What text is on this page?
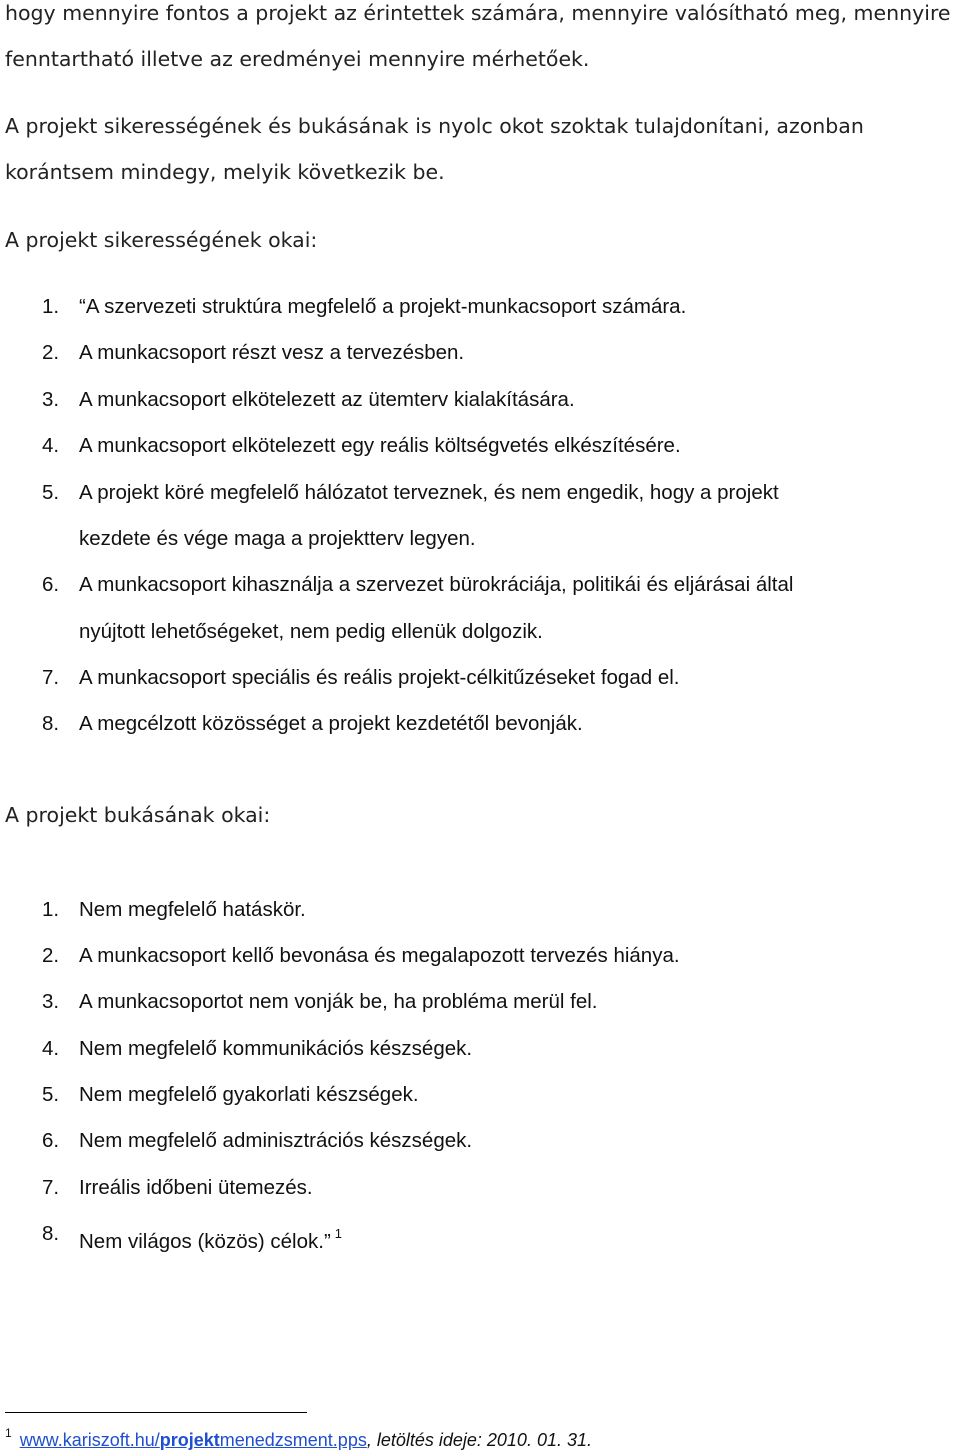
hogy mennyire fontos a projekt az érintettek számára, mennyire valósítható meg, mennyire

fenntartható illetve az eredményei mennyire mérhetőek.

A projekt sikerességének és bukásának is nyolc okot szoktak tulajdonítani, azonban

korántsem mindegy, melyik következik be.

A projekt sikerességének okai:

1. “A szervezeti struktúra megfelelő a projekt-munkacsoport számára.
2. A munkacsoport részt vesz a tervezésben.
3. A munkacsoport elkötelezett az ütemterv kialakítására.
4. A munkacsoport elkötelezett egy reális költségvetés elkészítésére.
5. A projekt köré megfelelő hálózatot terveznek, és nem engedik, hogy a projekt
kezdete és vége maga a projektterv legyen.
6. A munkacsoport kihasználja a szervezet bürokráciája, politikái és eljárásai által
nyújtott lehetőségeket, nem pedig ellenük dolgozik.
7. A munkacsoport speciális és reális projekt-célkitűzéseket fogad el.
8. A megcélzott közösséget a projekt kezdetétől bevonják.

A projekt bukásának okai:

1. Nem megfelelő hatáskör.
2. A munkacsoport kellő bevonása és megalapozott tervezés hiánya.
3. A munkacsoportot nem vonják be, ha probléma merül fel.
4. Nem megfelelő kommunikációs készségek.
5. Nem megfelelő gyakorlati készségek.
6. Nem megfelelő adminisztrációs készségek.
7. Irreális időbeni ütemezés.
8. Nem világos (közös) célok.” $^1$
$^1$ www.kariszoft.hu/projektmenedzsment.pps, letöltés ideje: 2010. 01. 31.
